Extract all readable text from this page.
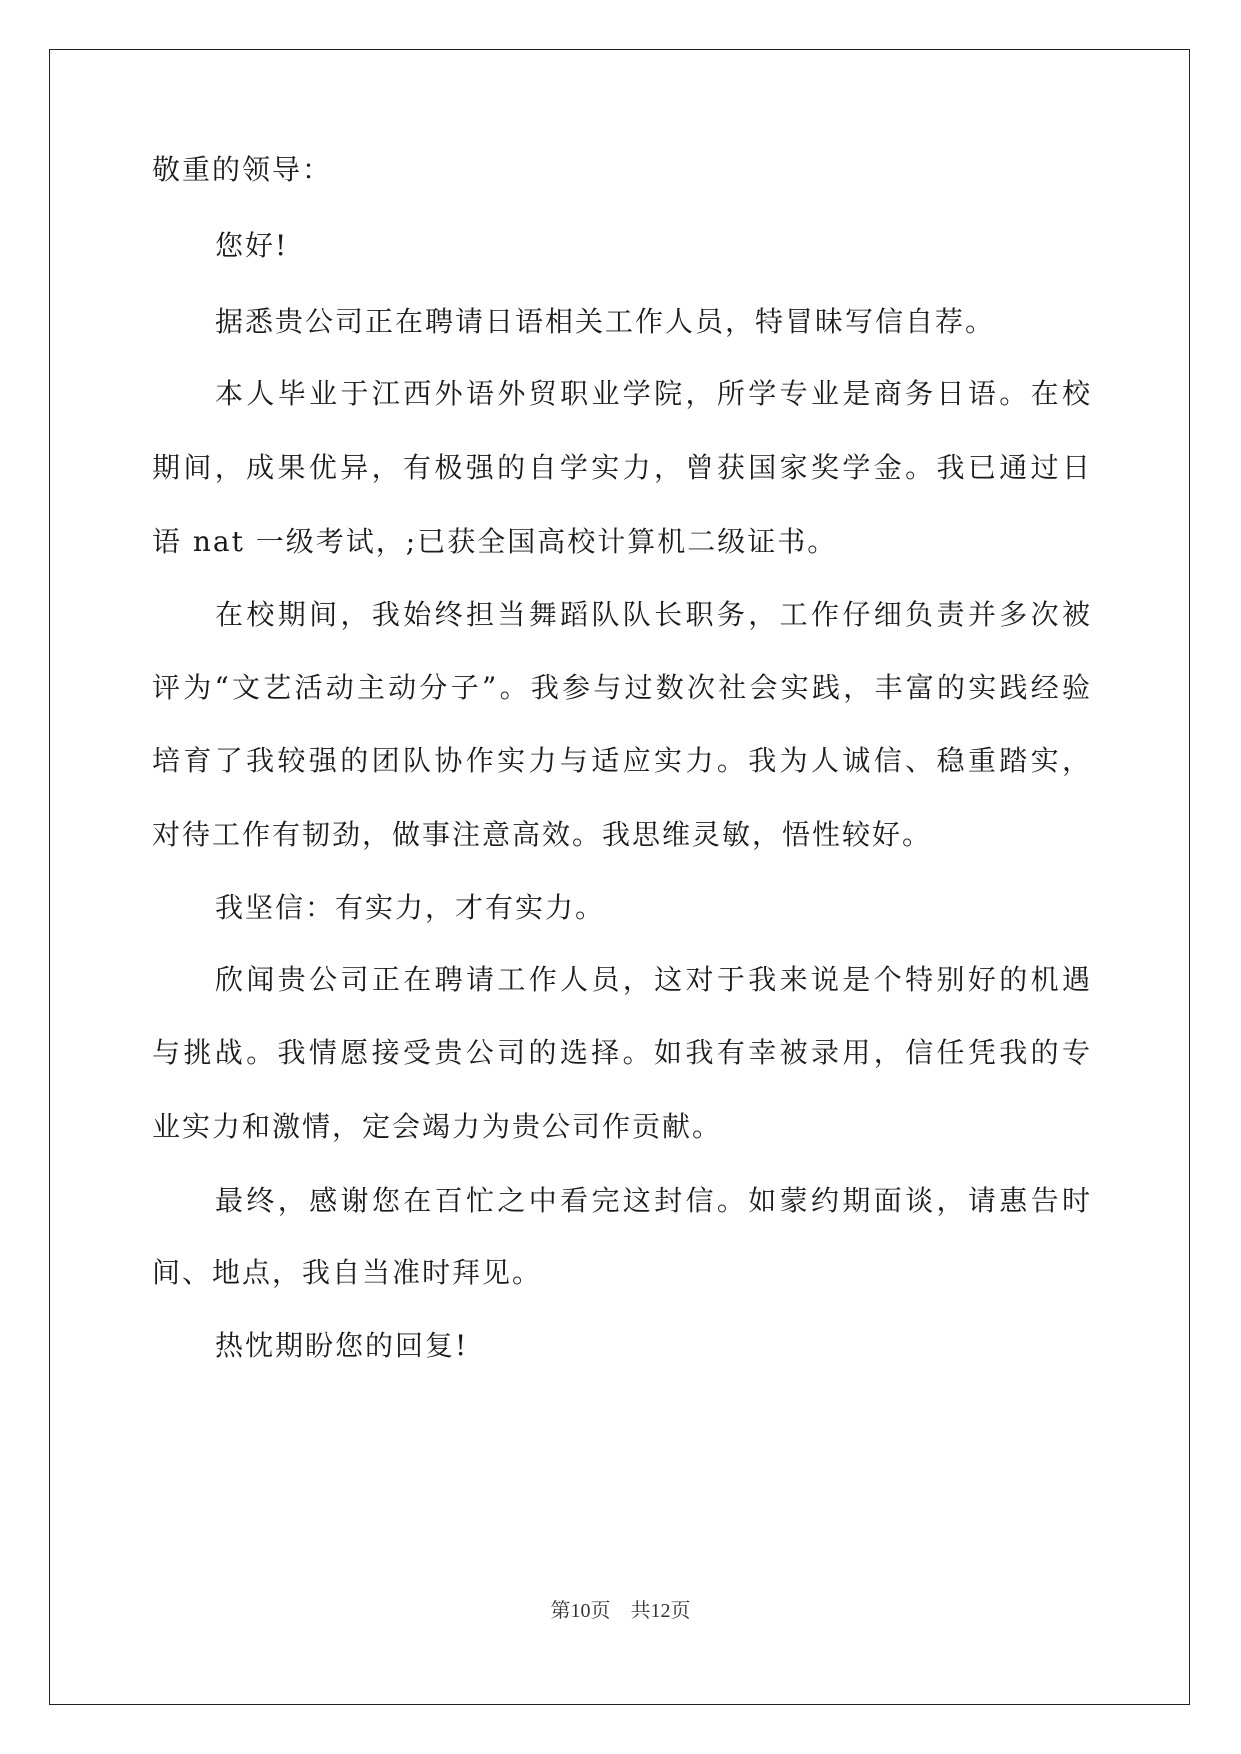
敬重的领导：
您好!
据悉贵公司正在聘请日语相关工作人员，特冒昧写信自荐。
本人毕业于江西外语外贸职业学院，所学专业是商务日语。在校
期间，成果优异，有极强的自学实力，曾获国家奖学金。我已通过日
语 nat 一级考试，;已获全国高校计算机二级证书。
在校期间，我始终担当舞蹈队队长职务，工作仔细负责并多次被
评为“文艺活动主动分子”。我参与过数次社会实践，丰富的实践经验
培育了我较强的团队协作实力与适应实力。我为人诚信、稳重踏实，
对待工作有韧劲，做事注意高效。我思维灵敏，悟性较好。
我坚信：有实力，才有实力。
欣闻贵公司正在聘请工作人员，这对于我来说是个特别好的机遇
与挑战。我情愿接受贵公司的选择。如我有幸被录用，信任凭我的专
业实力和激情，定会竭力为贵公司作贡献。
最终，感谢您在百忙之中看完这封信。如蒙约期面谈，请惠告时
间、地点，我自当准时拜见。
热忱期盼您的回复!
第10页　共12页
